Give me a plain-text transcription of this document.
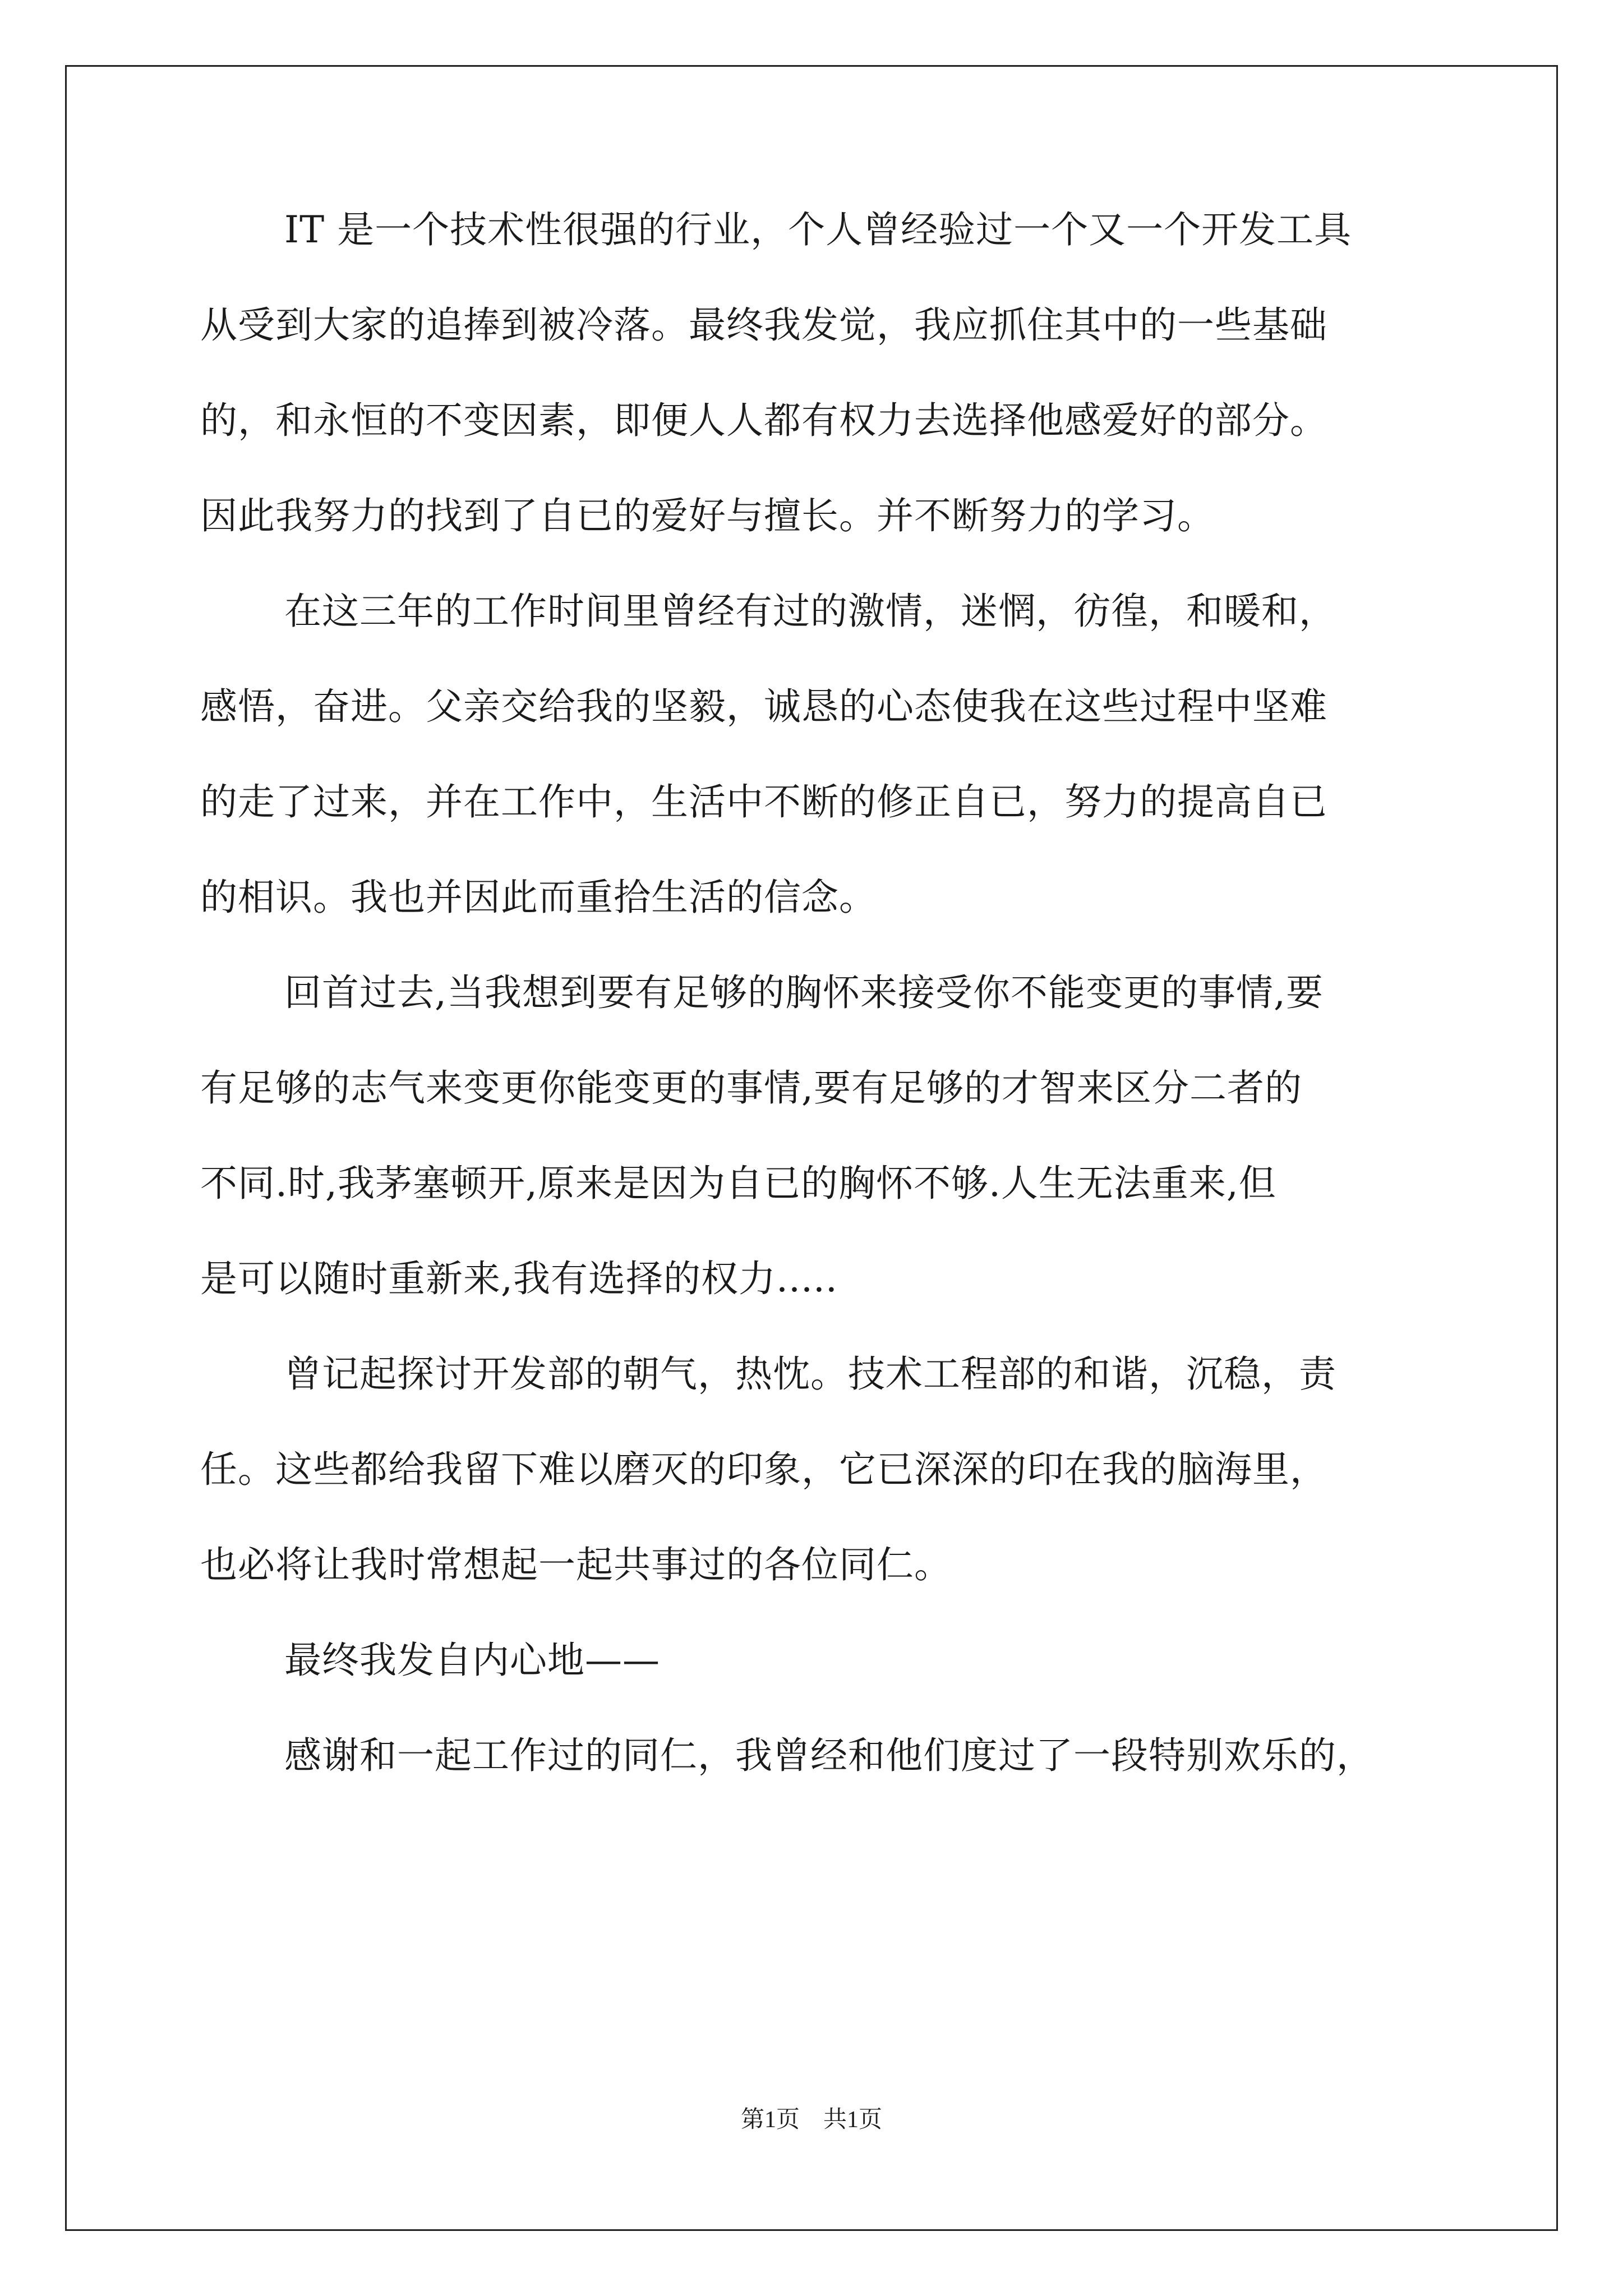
IT 是一个技术性很强的行业，个人曾经验过一个又一个开发工具
从受到大家的追捧到被冷落。最终我发觉，我应抓住其中的一些基础
的，和永恒的不变因素，即便人人都有权力去选择他感爱好的部分。
因此我努力的找到了自已的爱好与擅长。并不断努力的学习。
在这三年的工作时间里曾经有过的激情，迷惘，彷徨，和暖和，
感悟，奋进。父亲交给我的坚毅，诚恳的心态使我在这些过程中坚难
的走了过来，并在工作中，生活中不断的修正自已，努力的提高自已
的相识。我也并因此而重拾生活的信念。
回首过去,当我想到要有足够的胸怀来接受你不能变更的事情,要
有足够的志气来变更你能变更的事情,要有足够的才智来区分二者的
不同.时,我茅塞顿开,原来是因为自已的胸怀不够.人生无法重来,但
是可以随时重新来,我有选择的权力.....
曾记起探讨开发部的朝气，热忱。技术工程部的和谐，沉稳，责
任。这些都给我留下难以磨灭的印象，它已深深的印在我的脑海里，
也必将让我时常想起一起共事过的各位同仁。
最终我发自内心地——
感谢和一起工作过的同仁，我曾经和他们度过了一段特别欢乐的，
第1页　共1页
